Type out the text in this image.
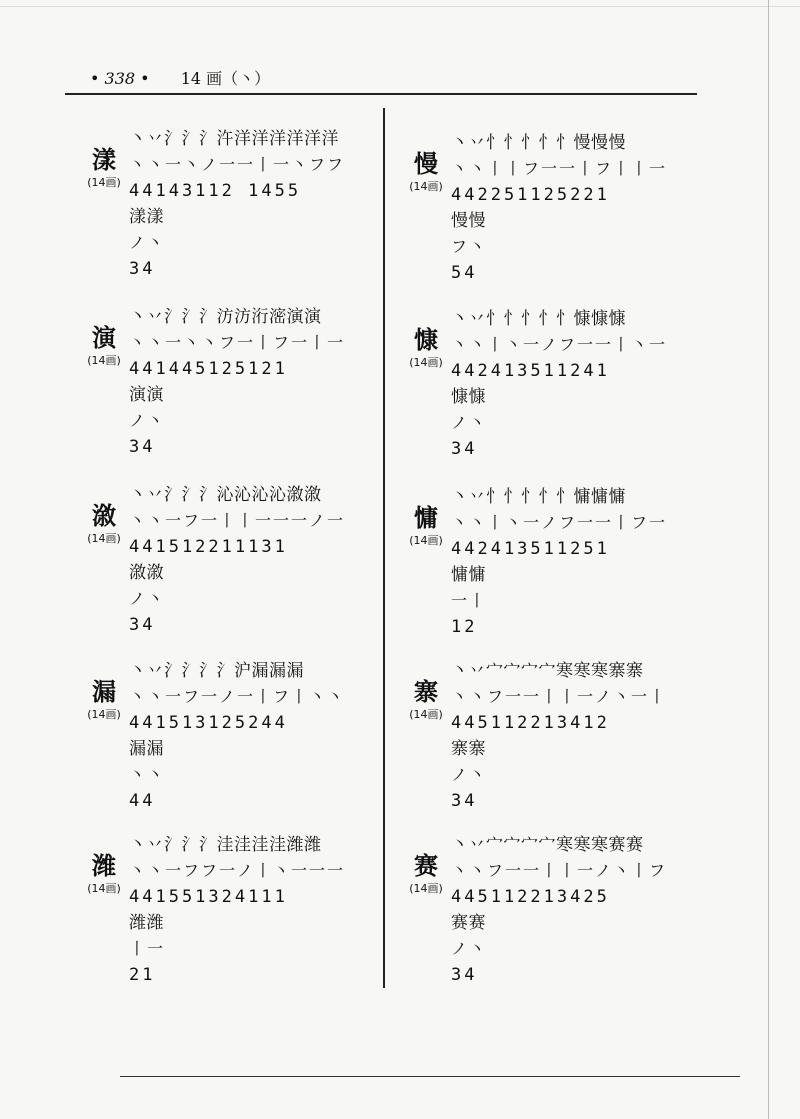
• 338 • 14 画（丶）
漾
(14画)
丶丷氵氵氵汻洋洋洋洋洋洋
丶丶一丶ノ一一丨一丶フフ
44143112 1455
漾漾
ノ丶
34
演
(14画)
丶丷氵氵氵汸汸洐滵演演
丶丶一丶丶フ一丨フ一丨一
441445125121
演演
ノ丶
34
漵
(14画)
丶丷氵氵氵沁沁沁沁漵漵
丶丶一フ一丨丨一一一ノ一
441512211131
漵漵
ノ丶
34
漏
(14画)
丶丷氵氵氵氵沪漏漏漏
丶丶一フ一ノ一丨フ丨丶丶
441513125244
漏漏
丶丶
44
潍
(14画)
丶丷氵氵氵洼洼洼洼潍潍
丶丶一フフ一ノ丨丶一一一
441551324111
潍潍
丨一
21
慢
(14画)
丶丷忄忄忄忄忄慢慢慢
丶丶丨丨フ一一丨フ丨丨一
442251125221
慢慢
フ丶
54
慷
(14画)
丶丷忄忄忄忄忄慷慷慷
丶丶丨丶一ノフ一一丨丶一
442413511241
慷慷
ノ丶
34
慵
(14画)
丶丷忄忄忄忄忄慵慵慵
丶丶丨丶一ノフ一一丨フ一
442413511251
慵慵
一丨
12
寨
(14画)
丶丷宀宀宀宀寒寒寒寨寨
丶丶フ一一丨丨一ノ丶一丨
445112213412
寨寨
ノ丶
34
赛
(14画)
丶丷宀宀宀宀寒寒寒赛赛
丶丶フ一一丨丨一ノ丶丨フ
445112213425
赛赛
ノ丶
34
